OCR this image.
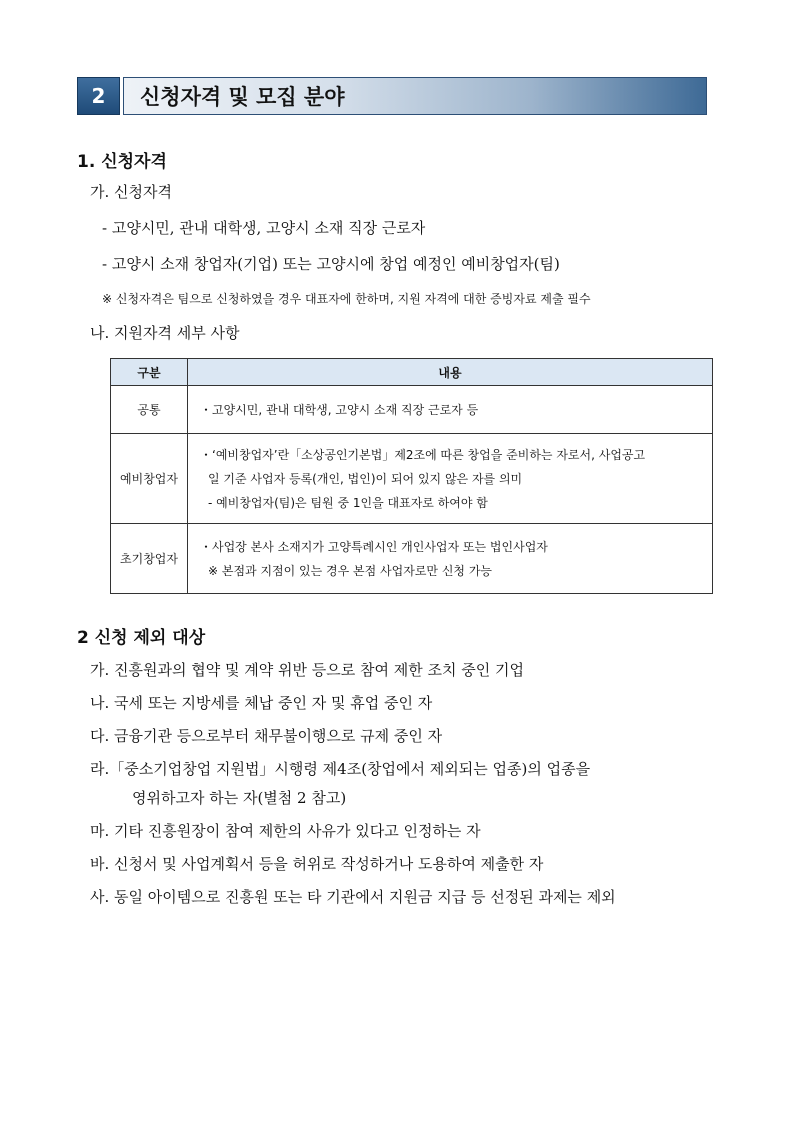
2	신청자격 및 모집 분야
1. 신청자격
가. 신청자격
- 고양시민, 관내 대학생, 고양시 소재 직장 근로자
- 고양시 소재 창업자(기업) 또는 고양시에 창업 예정인 예비창업자(팀)
※ 신청자격은 팀으로 신청하였을 경우 대표자에 한하며, 지원 자격에 대한 증빙자료 제출 필수
나. 지원자격 세부 사항
구분	내용
공통	・고양시민, 관내 대학생, 고양시 소재 직장 근로자 등

예비창업자	・‘예비창업자’란「소상공인기본법」제2조에 따른 창업을 준비하는 자로서, 사업공고
일 기준 사업자 등록(개인, 법인)이 되어 있지 않은 자를 의미
- 예비창업자(팀)은 팀원 중 1인을 대표자로 하여야 함

초기창업자	・사업장 본사 소재지가 고양특례시인 개인사업자 또는 법인사업자
※ 본점과 지점이 있는 경우 본점 사업자로만 신청 가능
2 신청 제외 대상
가. 진흥원과의 협약 및 계약 위반 등으로 참여 제한 조치 중인 기업
나. 국세 또는 지방세를 체납 중인 자 및 휴업 중인 자
다. 금융기관 등으로부터 채무불이행으로 규제 중인 자
라.「중소기업창업 지원법」시행령 제4조(창업에서 제외되는 업종)의 업종을
영위하고자 하는 자(별첨 2 참고)
마. 기타 진흥원장이 참여 제한의 사유가 있다고 인정하는 자
바. 신청서 및 사업계획서 등을 허위로 작성하거나 도용하여 제출한 자
사. 동일 아이템으로 진흥원 또는 타 기관에서 지원금 지급 등 선정된 과제는 제외
